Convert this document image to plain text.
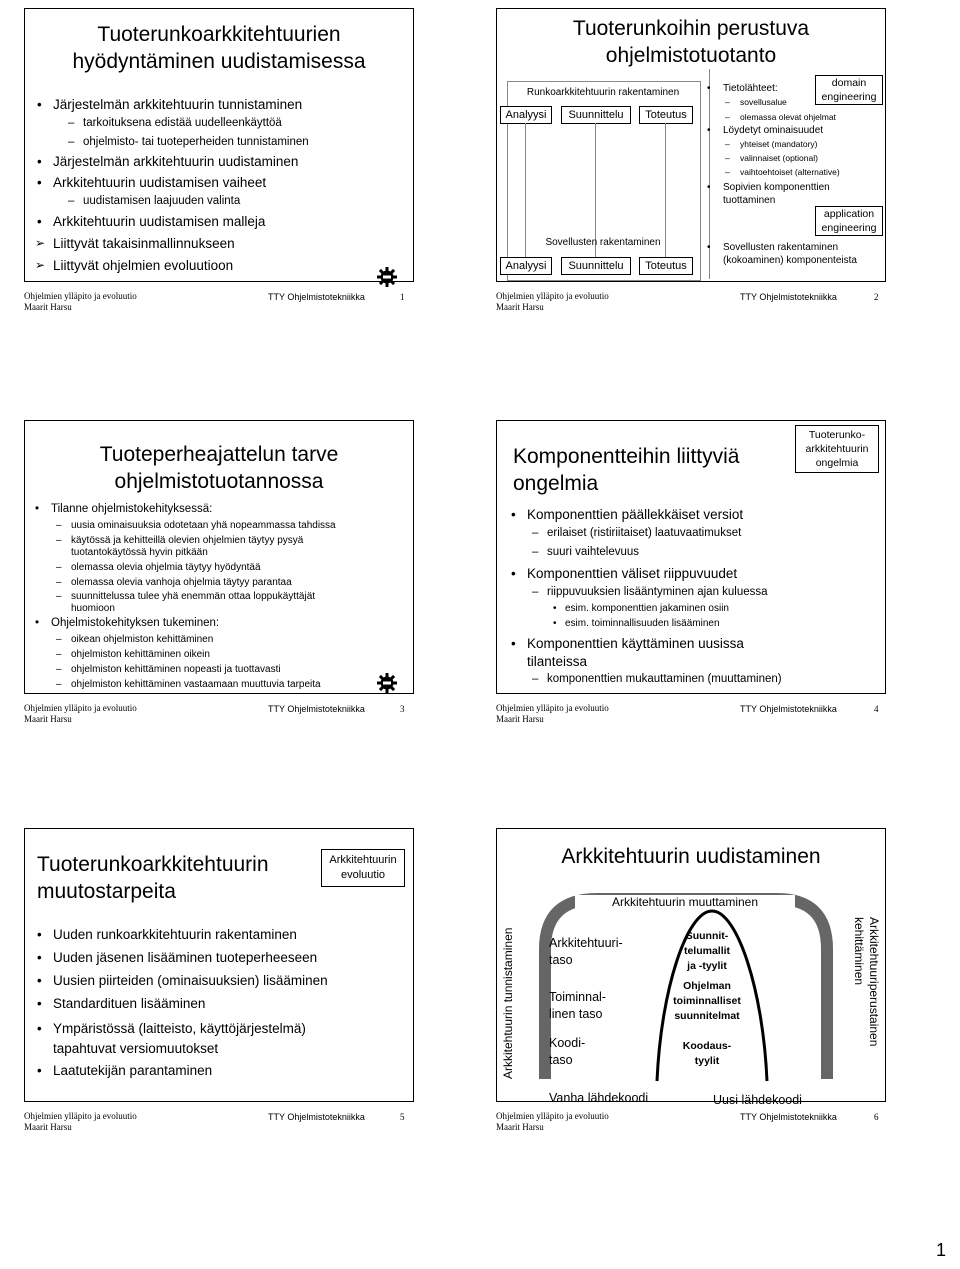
Tuoterunkoarkkitehtuurien
hyödyntäminen uudistamisessa
• Järjestelmän arkkitehtuurin tunnistaminen
– tarkoituksena edistää uudelleenkäyttöä
– ohjelmisto- tai tuoteperheiden tunnistaminen
• Järjestelmän arkkitehtuurin uudistaminen
• Arkkitehtuurin uudistamisen vaiheet
– uudistamisen laajuuden valinta
• Arkkitehtuurin uudistamisen malleja
➢ Liittyvät takaisinmallinnukseen
➢ Liittyvät ohjelmien evoluutioon
Ohjelmien ylläpito ja evoluutio
Maarit Harsu
TTY Ohjelmistotekniikka	1
Tuoterunkoihin perustuva
ohjelmistotuotanto
Runkoarkkitehtuurin rakentaminen
Analyysi	Suunnittelu	Toteutus
Sovellusten rakentaminen
Analyysi	Suunnittelu	Toteutus
domain
engineering
application
engineering
• Tietolähteet:
– sovellusalue
– olemassa olevat ohjelmat
• Löydetyt ominaisuudet
– yhteiset (mandatory)
– valinnaiset (optional)
– vaihtoehtoiset (alternative)
• Sopivien komponenttien
tuottaminen
• Sovellusten rakentaminen
(kokoaminen) komponenteista
Ohjelmien ylläpito ja evoluutio
Maarit Harsu
TTY Ohjelmistotekniikka	2
Tuoteperheajattelun tarve
ohjelmistotuotannossa
• Tilanne ohjelmistokehityksessä:
– uusia ominaisuuksia odotetaan yhä nopeammassa tahdissa
– käytössä ja kehitteillä olevien ohjelmien täytyy pysyä
tuotantokäytössä hyvin pitkään
– olemassa olevia ohjelmia täytyy hyödyntää
– olemassa olevia vanhoja ohjelmia täytyy parantaa
– suunnittelussa tulee yhä enemmän ottaa loppukäyttäjät
huomioon
• Ohjelmistokehityksen tukeminen:
– oikean ohjelmiston kehittäminen
– ohjelmiston kehittäminen oikein
– ohjelmiston kehittäminen nopeasti ja tuottavasti
– ohjelmiston kehittäminen vastaamaan muuttuvia tarpeita
Ohjelmien ylläpito ja evoluutio
Maarit Harsu
TTY Ohjelmistotekniikka	3
Komponentteihin liittyviä
ongelmia
Tuoterunko-
arkkitehtuurin
ongelmia
• Komponenttien päällekkäiset versiot
– erilaiset (ristiriitaiset) laatuvaatimukset
– suuri vaihtelevuus
• Komponenttien väliset riippuvuudet
– riippuvuuksien lisääntyminen ajan kuluessa
• esim. komponenttien jakaminen osiin
• esim. toiminnallisuuden lisääminen
• Komponenttien käyttäminen uusissa
tilanteissa
– komponenttien mukauttaminen (muuttaminen)
Ohjelmien ylläpito ja evoluutio
Maarit Harsu
TTY Ohjelmistotekniikka	4
Tuoterunkoarkkitehtuurin
muutostarpeita
Arkkitehtuurin
evoluutio
• Uuden runkoarkkitehtuurin rakentaminen
• Uuden jäsenen lisääminen tuoteperheeseen
• Uusien piirteiden (ominaisuuksien) lisääminen
• Standardituen lisääminen
• Ympäristössä (laitteisto, käyttöjärjestelmä)
tapahtuvat versiomuutokset
• Laatutekijän parantaminen
Ohjelmien ylläpito ja evoluutio
Maarit Harsu
TTY Ohjelmistotekniikka	5
Arkkitehtuurin uudistaminen
Arkkitehtuurin muuttaminen
Arkkitehtuurin tunnistaminen	Arkkitehtuuriperustainen
kehittäminen
Arkkitehtuuri-
taso
Toiminnal-
linen taso
Koodi-
taso
Suunnit-
telumallit
ja -tyylit
Ohjelman
toiminnalliset
suunnitelmat
Koodaus-
tyylit
Vanha lähdekoodi	Uusi lähdekoodi
Ohjelmien ylläpito ja evoluutio
Maarit Harsu
TTY Ohjelmistotekniikka	6
1
